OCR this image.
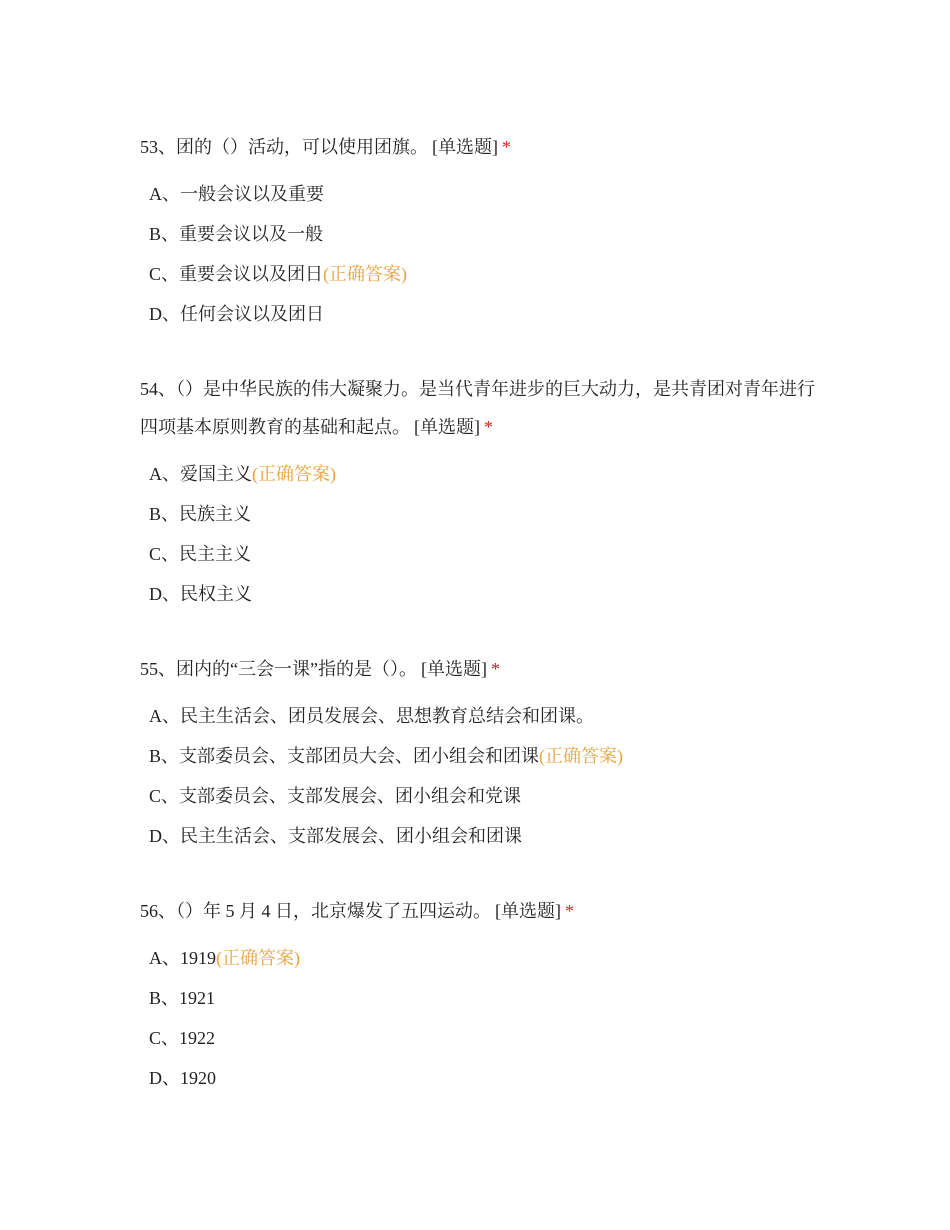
53、团的（）活动，可以使用团旗。 [单选题] *
A、一般会议以及重要
B、重要会议以及一般
C、重要会议以及团日(正确答案)
D、任何会议以及团日
54、（）是中华民族的伟大凝聚力。是当代青年进步的巨大动力，是共青团对青年进行四项基本原则教育的基础和起点。 [单选题] *
A、爱国主义(正确答案)
B、民族主义
C、民主主义
D、民权主义
55、团内的“三会一课”指的是（）。 [单选题] *
A、民主生活会、团员发展会、思想教育总结会和团课。
B、支部委员会、支部团员大会、团小组会和团课(正确答案)
C、支部委员会、支部发展会、团小组会和党课
D、民主生活会、支部发展会、团小组会和团课
56、（）年 5 月 4 日，北京爆发了五四运动。 [单选题] *
A、1919(正确答案)
B、1921
C、1922
D、1920
